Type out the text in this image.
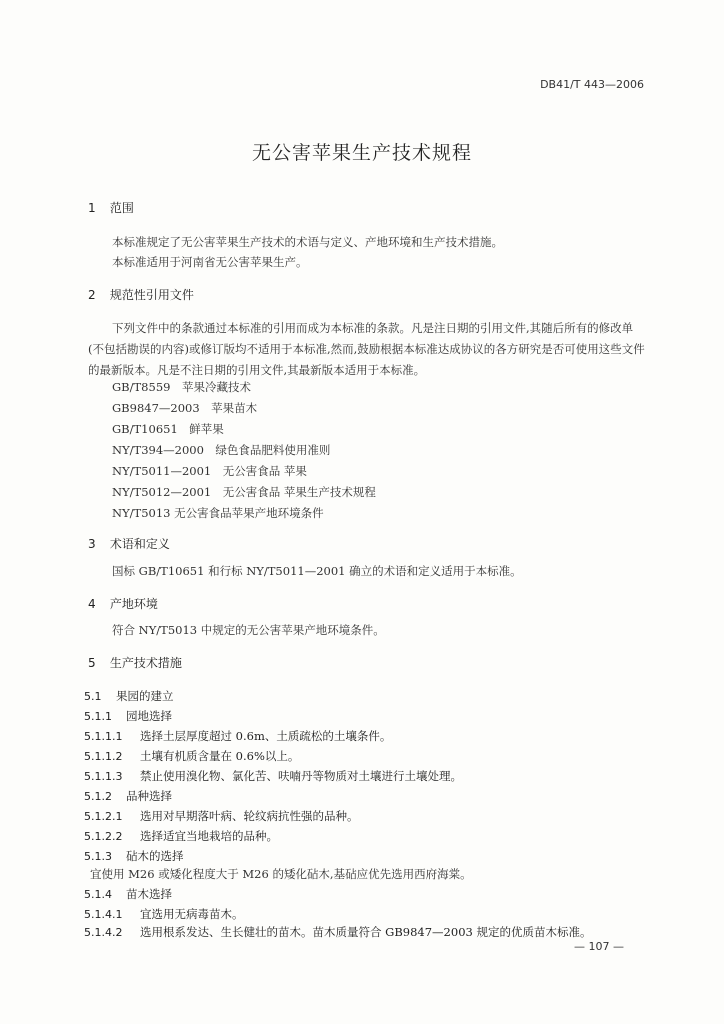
DB41/T 443—2006
无公害苹果生产技术规程
1 范围
本标准规定了无公害苹果生产技术的术语与定义、产地环境和生产技术措施。
本标准适用于河南省无公害苹果生产。
2 规范性引用文件
下列文件中的条款通过本标准的引用而成为本标准的条款。凡是注日期的引用文件,其随后所有的修改单(不包括勘误的内容)或修订版均不适用于本标准,然而,鼓励根据本标准达成协议的各方研究是否可使用这些文件的最新版本。凡是不注日期的引用文件,其最新版本适用于本标准。
GB/T8559　苹果冷藏技术
GB9847—2003　苹果苗木
GB/T10651　鲜苹果
NY/T394—2000　绿色食品肥料使用准则
NY/T5011—2001　无公害食品 苹果
NY/T5012—2001　无公害食品 苹果生产技术规程
NY/T5013 无公害食品苹果产地环境条件
3 术语和定义
国标 GB/T10651 和行标 NY/T5011—2001 确立的术语和定义适用于本标准。
4 产地环境
符合 NY/T5013 中规定的无公害苹果产地环境条件。
5 生产技术措施
5.1 果园的建立
5.1.1 园地选择
5.1.1.1 选择土层厚度超过 0.6m、土质疏松的土壤条件。
5.1.1.2 土壤有机质含量在 0.6%以上。
5.1.1.3 禁止使用溴化物、氯化苦、呋喃丹等物质对土壤进行土壤处理。
5.1.2 品种选择
5.1.2.1 选用对早期落叶病、轮纹病抗性强的品种。
5.1.2.2 选择适宜当地栽培的品种。
5.1.3 砧木的选择
宜使用 M26 或矮化程度大于 M26 的矮化砧木,基砧应优先选用西府海棠。
5.1.4 苗木选择
5.1.4.1 宜选用无病毒苗木。
5.1.4.2 选用根系发达、生长健壮的苗木。苗木质量符合 GB9847—2003 规定的优质苗木标准。
— 107 —
